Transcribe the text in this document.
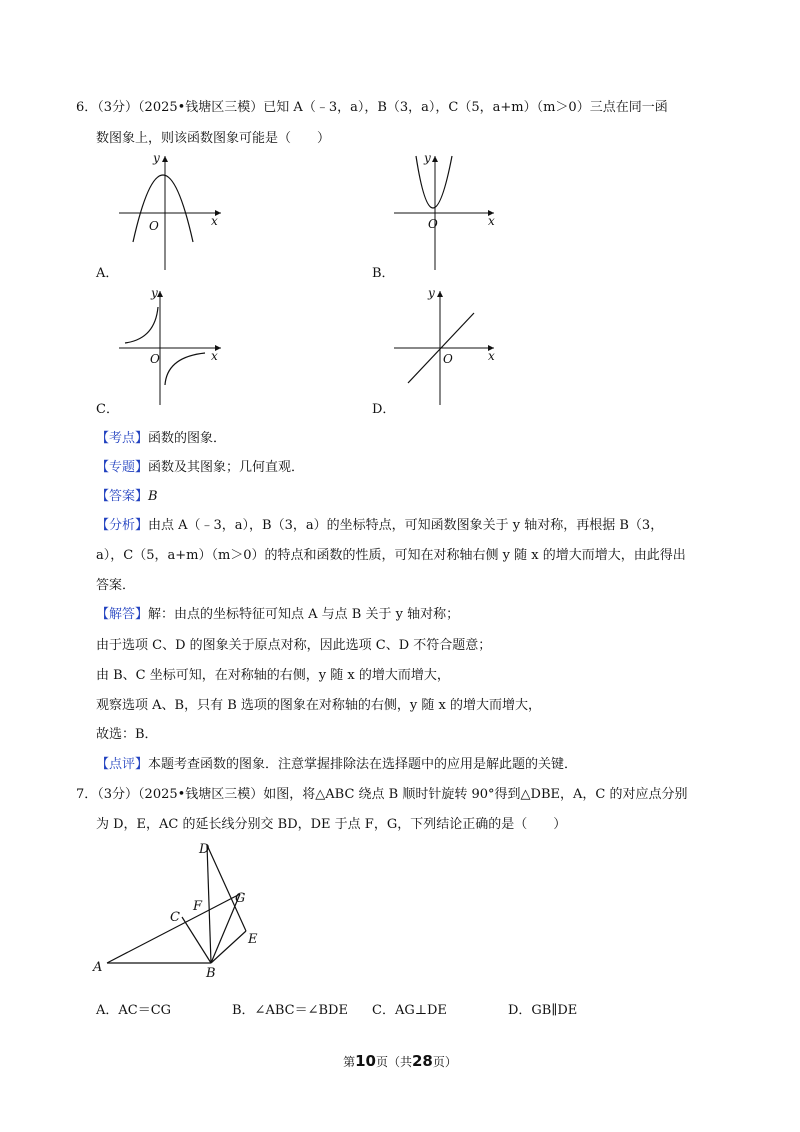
6．（3分）（2025•钱塘区三模）已知 A（﹣3，a），B（3，a），C（5，a+m）（m＞0）三点在同一函
数图象上，则该函数图象可能是（　　）
y
x
O
A．
y
x
O
B．
y
x
O
C．
y
x
O
D．
【考点】函数的图象．
【专题】函数及其图象；几何直观．
【答案】B
【分析】由点 A（﹣3，a），B（3，a）的坐标特点，可知函数图象关于 y 轴对称，再根据 B（3，
a），C（5，a+m）（m＞0）的特点和函数的性质，可知在对称轴右侧 y 随 x 的增大而增大，由此得出
答案．
【解答】解：由点的坐标特征可知点 A 与点 B 关于 y 轴对称；
由于选项 C、D 的图象关于原点对称，因此选项 C、D 不符合题意；
由 B、C 坐标可知，在对称轴的右侧，y 随 x 的增大而增大，
观察选项 A、B，只有 B 选项的图象在对称轴的右侧，y 随 x 的增大而增大，
故选：B．
【点评】本题考查函数的图象．注意掌握排除法在选择题中的应用是解此题的关键．
7．（3分）（2025•钱塘区三模）如图，将△ABC 绕点 B 顺时针旋转 90°得到△DBE，A，C 的对应点分别
为 D，E，AC 的延长线分别交 BD，DE 于点 F，G，下列结论正确的是（　　）
A	B
C
D
E
F
G
A．AC＝CG	B．∠ABC＝∠BDE C．AG⊥DE	D．GB∥DE
第10页（共28页）
